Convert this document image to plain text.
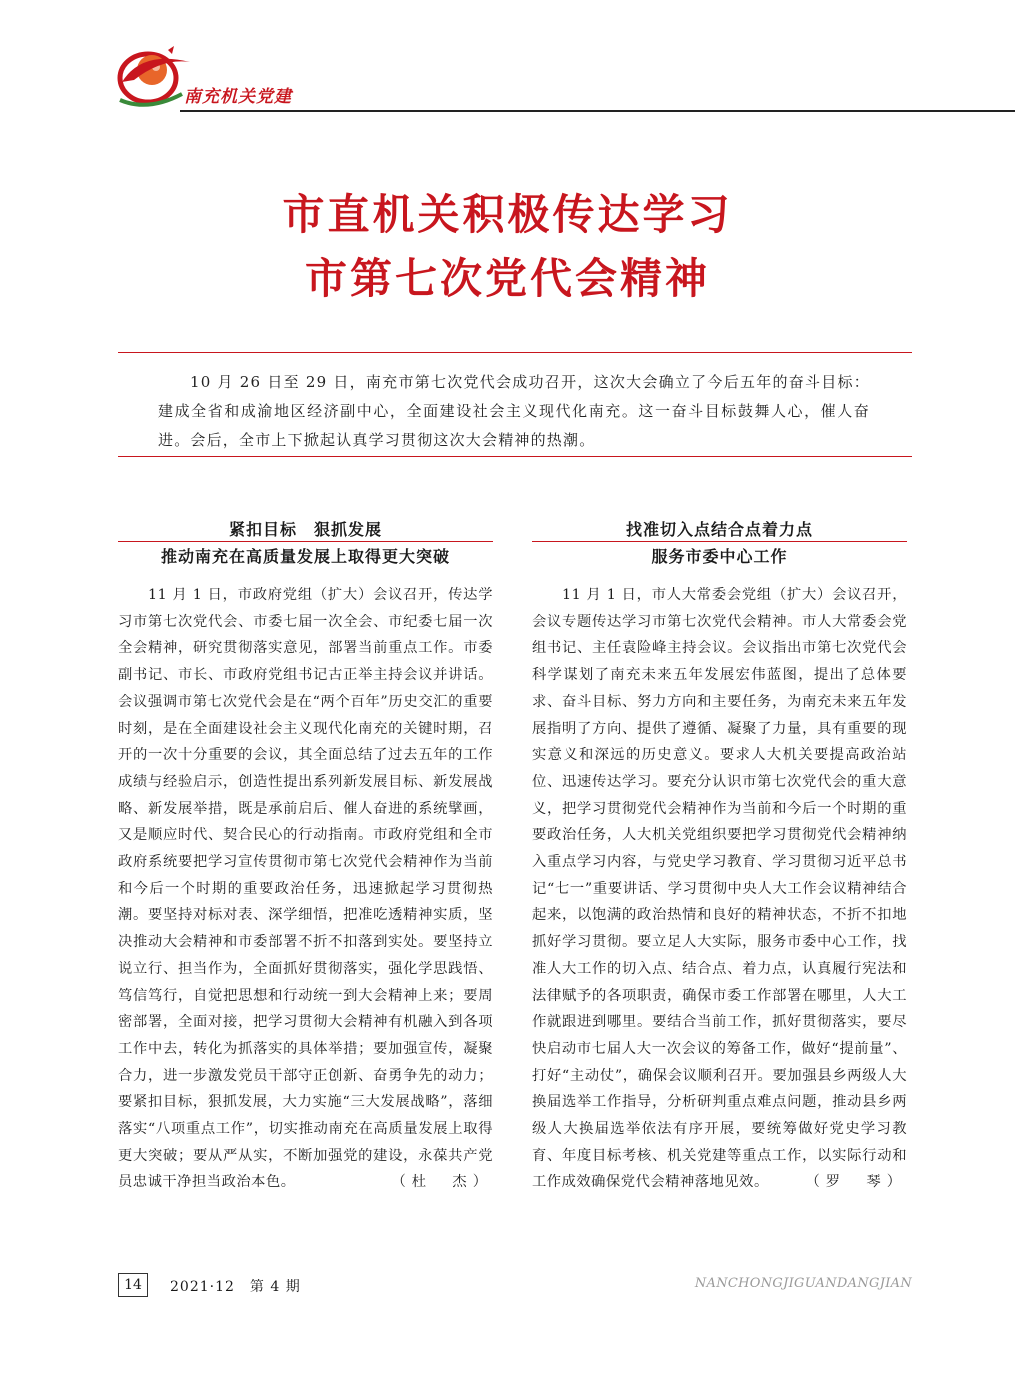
南充机关党建
市直机关积极传达学习
市第七次党代会精神
10 月 26 日至 29 日，南充市第七次党代会成功召开，这次大会确立了今后五年的奋斗目标：建成全省和成渝地区经济副中心，全面建设社会主义现代化南充。这一奋斗目标鼓舞人心，催人奋进。会后，全市上下掀起认真学习贯彻这次大会精神的热潮。
紧扣目标　狠抓发展
推动南充在高质量发展上取得更大突破
11 月 1 日，市政府党组（扩大）会议召开，传达学习市第七次党代会、市委七届一次全会、市纪委七届一次全会精神，研究贯彻落实意见，部署当前重点工作。市委副书记、市长、市政府党组书记古正举主持会议并讲话。会议强调市第七次党代会是在“两个百年”历史交汇的重要时刻，是在全面建设社会主义现代化南充的关键时期，召开的一次十分重要的会议，其全面总结了过去五年的工作成绩与经验启示，创造性提出系列新发展目标、新发展战略、新发展举措，既是承前启后、催人奋进的系统擘画，又是顺应时代、契合民心的行动指南。市政府党组和全市政府系统要把学习宣传贯彻市第七次党代会精神作为当前和今后一个时期的重要政治任务，迅速掀起学习贯彻热潮。要坚持对标对表、深学细悟，把准吃透精神实质，坚决推动大会精神和市委部署不折不扣落到实处。要坚持立说立行、担当作为，全面抓好贯彻落实，强化学思践悟、笃信笃行，自觉把思想和行动统一到大会精神上来；要周密部署，全面对接，把学习贯彻大会精神有机融入到各项工作中去，转化为抓落实的具体举措；要加强宣传，凝聚合力，进一步激发党员干部守正创新、奋勇争先的动力；要紧扣目标，狠抓发展，大力实施“三大发展战略”，落细落实“八项重点工作”，切实推动南充在高质量发展上取得更大突破；要从严从实，不断加强党的建设，永葆共产党员忠诚干净担当政治本色。	（杜　杰）
找准切入点结合点着力点
服务市委中心工作
11 月 1 日，市人大常委会党组（扩大）会议召开，会议专题传达学习市第七次党代会精神。市人大常委会党组书记、主任袁险峰主持会议。会议指出市第七次党代会科学谋划了南充未来五年发展宏伟蓝图，提出了总体要求、奋斗目标、努力方向和主要任务，为南充未来五年发展指明了方向、提供了遵循、凝聚了力量，具有重要的现实意义和深远的历史意义。要求人大机关要提高政治站位、迅速传达学习。要充分认识市第七次党代会的重大意义，把学习贯彻党代会精神作为当前和今后一个时期的重要政治任务，人大机关党组织要把学习贯彻党代会精神纳入重点学习内容，与党史学习教育、学习贯彻习近平总书记“七一”重要讲话、学习贯彻中央人大工作会议精神结合起来，以饱满的政治热情和良好的精神状态，不折不扣地抓好学习贯彻。要立足人大实际，服务市委中心工作，找准人大工作的切入点、结合点、着力点，认真履行宪法和法律赋予的各项职责，确保市委工作部署在哪里，人大工作就跟进到哪里。要结合当前工作，抓好贯彻落实，要尽快启动市七届人大一次会议的筹备工作，做好“提前量”、打好“主动仗”，确保会议顺利召开。要加强县乡两级人大换届选举工作指导，分析研判重点难点问题，推动县乡两级人大换届选举依法有序开展，要统筹做好党史学习教育、年度目标考核、机关党建等重点工作，以实际行动和工作成效确保党代会精神落地见效。	（罗　琴）
14	2021·12　第 4 期	NANCHONGJIGUANDANGJIAN
